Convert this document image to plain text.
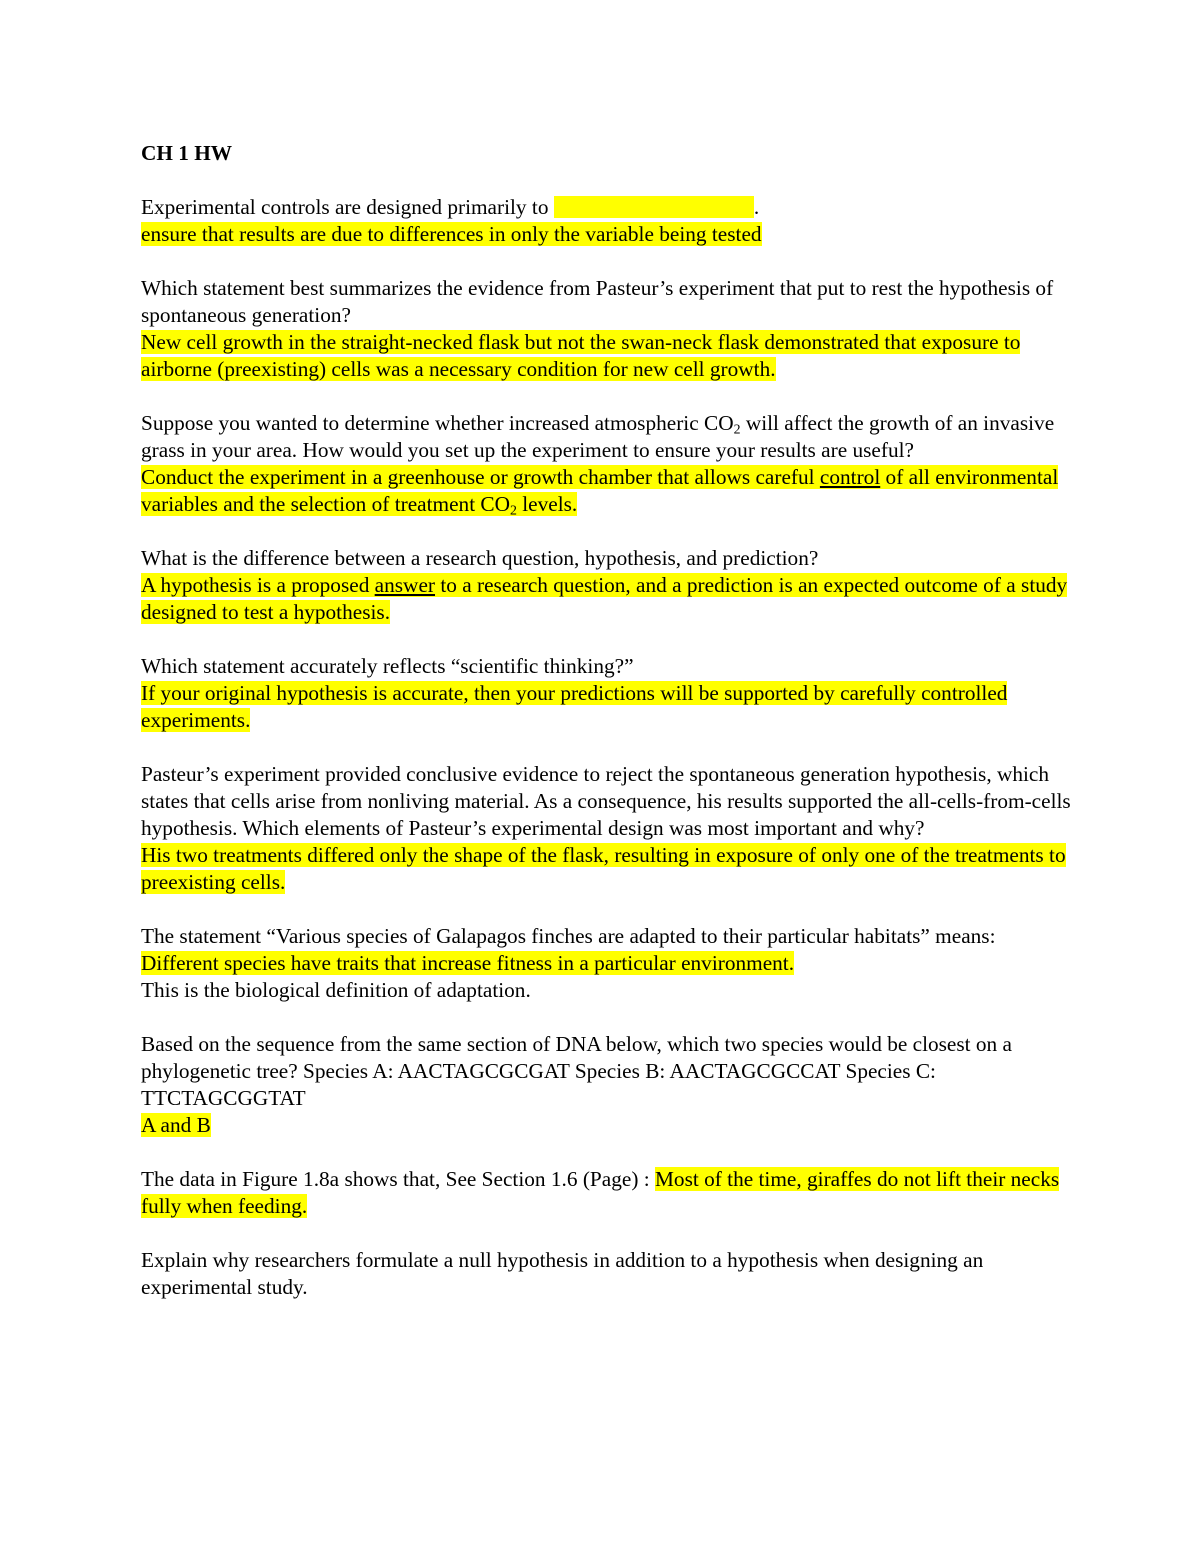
CH 1 HW

Experimental controls are designed primarily to	.

ensure that results are due to differences in only the variable being tested

Which statement best summarizes the evidence from Pasteur’s experiment that put to rest the hypothesis of spontaneous generation?

New cell growth in the straight-necked flask but not the swan-neck flask demonstrated that exposure to airborne (preexisting) cells was a necessary condition for new cell growth.

Suppose you wanted to determine whether increased atmospheric $CO_2$ will affect the growth of an invasive grass in your area. How would you set up the experiment to ensure your results are useful?

Conduct the experiment in a greenhouse or growth chamber that allows careful control of all environmental variables and the selection of treatment $CO_2$ levels.

What is the difference between a research question, hypothesis, and prediction?

A hypothesis is a proposed answer to a research question, and a prediction is an expected outcome of a study designed to test a hypothesis.

Which statement accurately reflects “scientific thinking?”

If your original hypothesis is accurate, then your predictions will be supported by carefully controlled experiments.

Pasteur’s experiment provided conclusive evidence to reject the spontaneous generation hypothesis, which states that cells arise from nonliving material. As a consequence, his results supported the all-cells-from-cells hypothesis. Which elements of Pasteur’s experimental design was most important and why?

His two treatments differed only the shape of the flask, resulting in exposure of only one of the treatments to preexisting cells.

The statement “Various species of Galapagos finches are adapted to their particular habitats” means:

Different species have traits that increase fitness in a particular environment.

This is the biological definition of adaptation.

Based on the sequence from the same section of DNA below, which two species would be closest on a phylogenetic tree? Species A: AACTAGCGCGAT Species B: AACTAGCGCCAT Species C: TTCTAGCGGTAT

A and B

The data in Figure 1.8a shows that, See Section 1.6 (Page) : Most of the time, giraffes do not lift their necks fully when feeding.

Explain why researchers formulate a null hypothesis in addition to a hypothesis when designing an experimental study.
